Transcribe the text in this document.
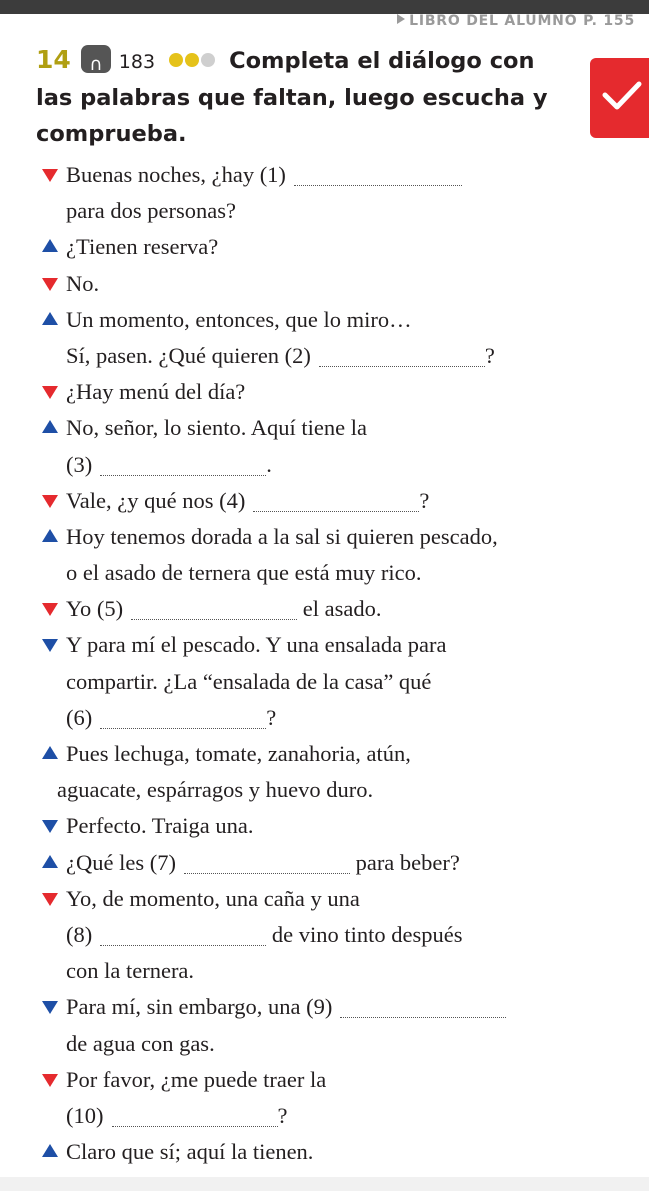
LIBRO DEL ALUMNO P. 155
14	∩ 183	Completa el diálogo con
las palabras que faltan, luego escucha y
comprueba.
Buenas noches, ¿hay (1)
para dos personas?
¿Tienen reserva?
No.
Un momento, entonces, que lo miro…
Sí, pasen. ¿Qué quieren (2)	?
¿Hay menú del día?
No, señor, lo siento. Aquí tiene la
(3)	.
Vale, ¿y qué nos (4)	?
Hoy tenemos dorada a la sal si quieren pescado,
o el asado de ternera que está muy rico.
Yo (5)	el asado.
Y para mí el pescado. Y una ensalada para
compartir. ¿La “ensalada de la casa” qué
(6)	?
Pues lechuga, tomate, zanahoria, atún,
aguacate, espárragos y huevo duro.
Perfecto. Traiga una.
¿Qué les (7)	para beber?
Yo, de momento, una caña y una
(8)	de vino tinto después
con la ternera.
Para mí, sin embargo, una (9)
de agua con gas.
Por favor, ¿me puede traer la
(10)	?
Claro que sí; aquí la tienen.
